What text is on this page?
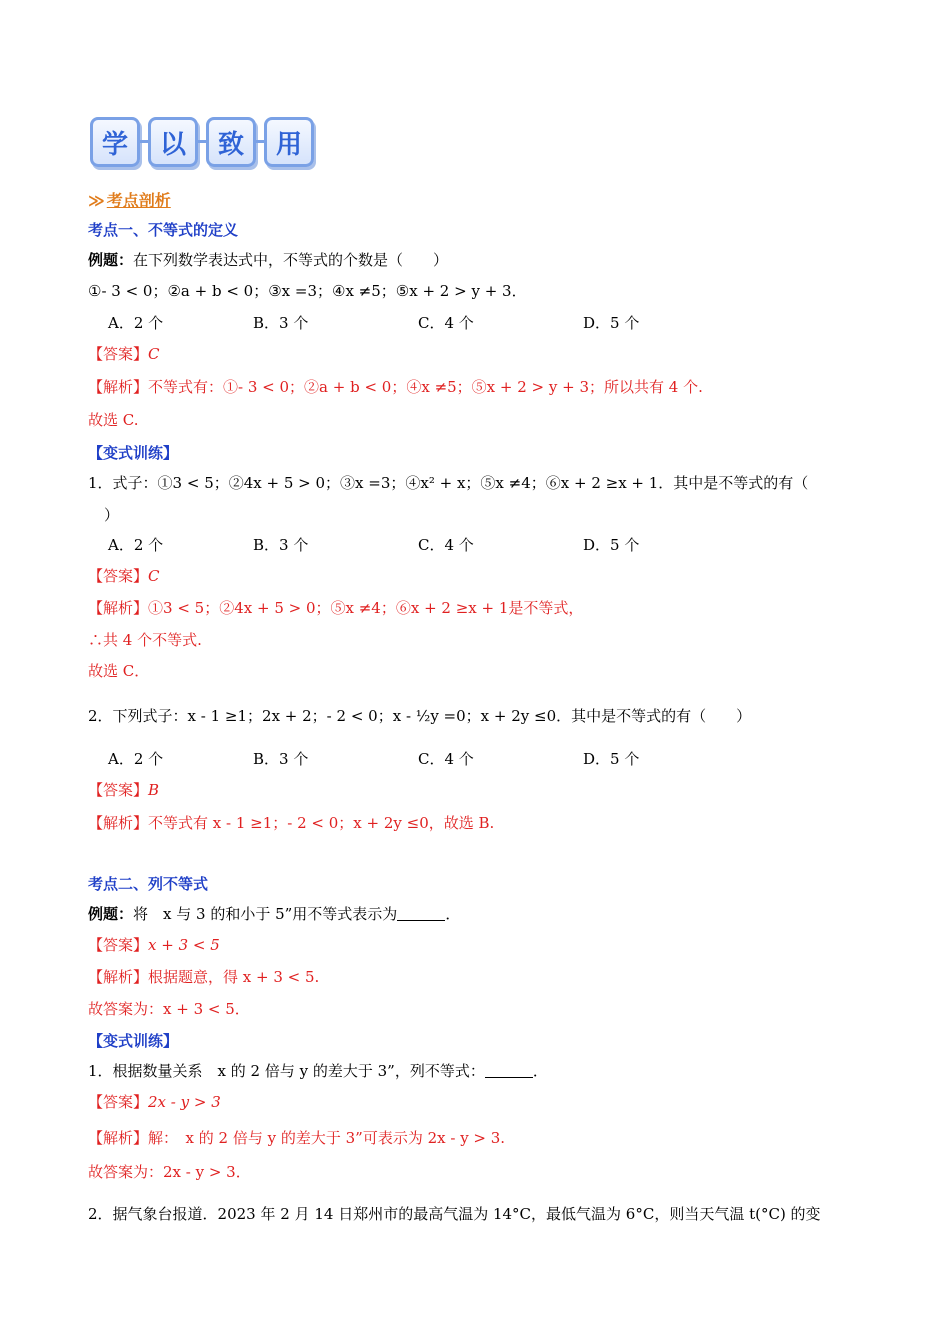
学	以	致	用
≫ 考点剖析
考点一、不等式的定义
例题：在下列数学表达式中，不等式的个数是（　　）
①- 3 < 0；②a + b < 0；③x =3；④x ≠5；⑤x + 2 > y + 3．
A．2 个	B．3 个	C．4 个	D．5 个
【答案】C
【解析】不等式有：①- 3 < 0；②a + b < 0；④x ≠5；⑤x + 2 > y + 3；所以共有 4 个.
故选 C.
【变式训练】
1．式子：①3 < 5；②4x + 5 > 0；③x =3；④x² + x；⑤x ≠4；⑥x + 2 ≥x + 1．其中是不等式的有（
）
A．2 个	B．3 个	C．4 个	D．5 个
【答案】C
【解析】①3 < 5；②4x + 5 > 0；⑤x ≠4；⑥x + 2 ≥x + 1是不等式，
∴共 4 个不等式.
故选 C．
2．下列式子：x - 1 ≥1；2x + 2；- 2 < 0；x - ½y =0；x + 2y ≤0．其中是不等式的有（　　）
A．2 个	B．3 个	C．4 个	D．5 个
【答案】B
【解析】不等式有 x - 1 ≥1；- 2 < 0；x + 2y ≤0，故选 B.
考点二、列不等式
例题：将　x 与 3 的和小于 5”用不等式表示为	．
【答案】x + 3 < 5
【解析】根据题意，得 x + 3 < 5.
故答案为：x + 3 < 5．
【变式训练】
1．根据数量关系　x 的 2 倍与 y 的差大于 3”，列不等式：	．
【答案】2x - y > 3
【解析】解：　x 的 2 倍与 y 的差大于 3”可表示为 2x - y > 3.
故答案为：2x - y > 3．
2．据气象台报道．2023 年 2 月 14 日郑州市的最高气温为 14°C，最低气温为 6°C，则当天气温 t(°C) 的变
